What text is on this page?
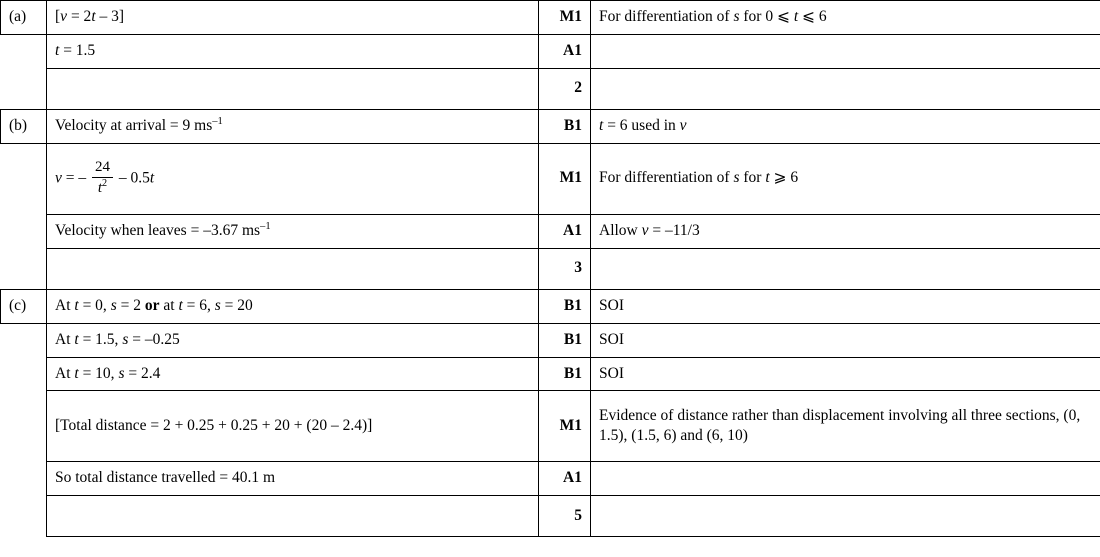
(a)	[v = 2t – 3]	M1	For differentiation of s for 0 ⩽ t ⩽ 6
	t = 1.5	A1	
		2	
(b)	Velocity at arrival = 9 $ms^{-1}$	B1	t = 6 used in v
	v = – $\frac{24}{t^2} - 0.5t$	M1	For differentiation of s for t ⩾ 6
	Velocity when leaves = –3.67 $ms^{-1}$	A1	Allow v = –11/3
		3	
(c)	At t = 0, s = 2 or at t = 6, s = 20	B1	SOI
	At t = 1.5, s = –0.25	B1	SOI
	At t = 10, s = 2.4	B1	SOI
	[Total distance = 2 + 0.25 + 0.25 + 20 + (20 – 2.4)]	M1	Evidence of distance rather than displacement involving all three sections, (0, 1.5), (1.5, 6) and (6, 10)
	So total distance travelled = 40.1 m	A1	
		5	
